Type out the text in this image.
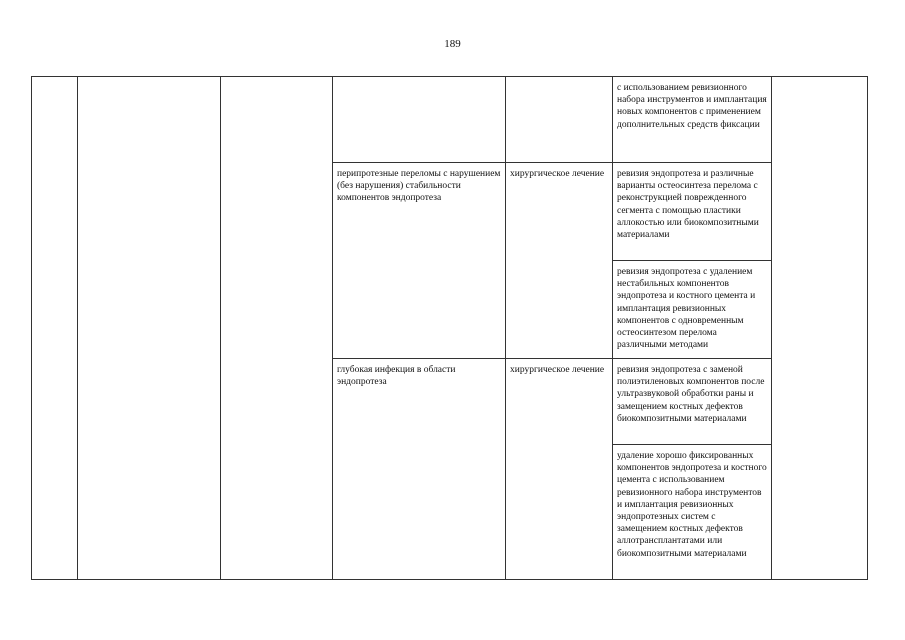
189
					с использованием ревизионного набора инструментов и имплантация новых компонентов с применением дополнительных средств фиксации	
			перипротезные переломы с нарушением (без нарушения) стабильности компонентов эндопротеза	хирургическое лечение	ревизия эндопротеза и различные варианты остеосинтеза перелома с реконструкцией поврежденного сегмента с помощью пластики аллокостью или биокомпозитными материалами	
					ревизия эндопротеза с удалением нестабильных компонентов эндопротеза и костного цемента и имплантация ревизионных компонентов с одновременным остеосинтезом перелома различными методами	
			глубокая инфекция в области эндопротеза	хирургическое лечение	ревизия эндопротеза с заменой полиэтиленовых компонентов после ультразвуковой обработки раны и замещением костных дефектов биокомпозитными материалами	
					удаление хорошо фиксированных компонентов эндопротеза и костного цемента с использованием ревизионного набора инструментов и имплантация ревизионных эндопротезных систем с замещением костных дефектов аллотрансплантатами или биокомпозитными материалами	
